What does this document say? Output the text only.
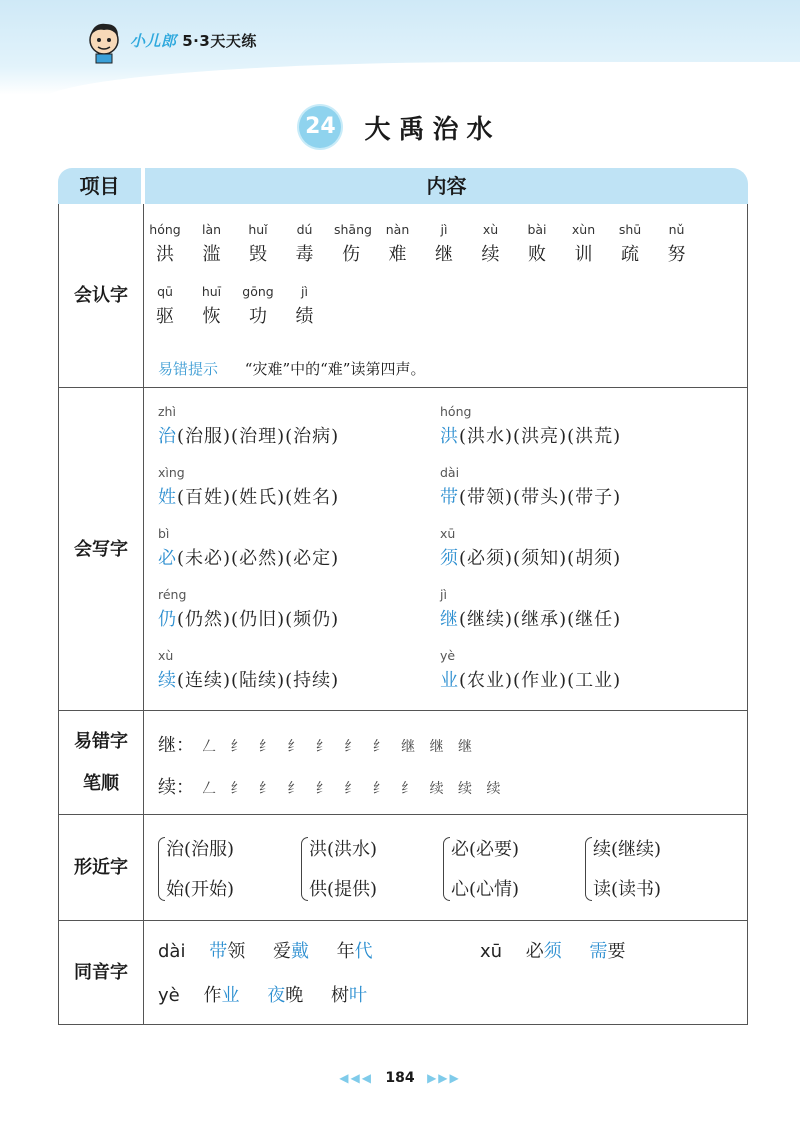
小儿郎 5·3天天练
24 大禹治水
项目	内容
会认字
易错提示 “灾难”中的“难”读第四声。
hóng
洪
làn
滥
huǐ
毁
dú
毒
shāng
伤
nàn
难
jì
继
xù
续
bài
败
xùn
训
shū
疏
nǔ
努
qū
驱
huī
恢
gōng
功
jì
绩
会写字
zhì
治(治服)(治理)(治病)
hóng
洪(洪水)(洪亮)(洪荒)
xìng
姓(百姓)(姓氏)(姓名)
dài
带(带领)(带头)(带子)
bì
必(未必)(必然)(必定)
xū
须(必须)(须知)(胡须)
réng
仍(仍然)(仍旧)(频仍)
jì
继(继续)(继承)(继任)
xù
续(连续)(陆续)(持续)
yè
业(农业)(作业)(工业)
易错字
笔顺
继： 𠃋 纟 纟 纟 纟 纟 纟 继 继 继
续： 𠃋 纟 纟 纟 纟 纟 纟 纟 续 续 续
形近字
治(治服)
始(开始)
洪(洪水)
供(提供)
必(必要)
心(心情)
续(继续)
读(读书)
同音字
dài 带领 爱戴 年代	xū 必须 需要
yè 作业 夜晚 树叶
◀◀◀ 184 ▶▶▶
